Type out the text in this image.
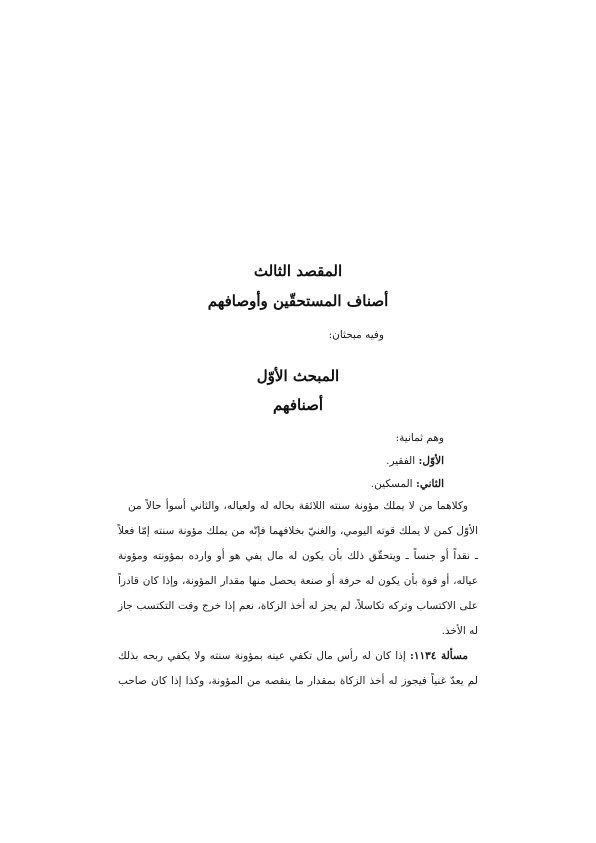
المقصد الثالث
أصناف المستحقّين وأوصافهم
وفيه مبحثان:
المبحث الأوّل
أصنافهم
وهم ثمانية:
الأوّل: الفقير.
الثاني: المسكين.
وكلاهما من لا يملك مؤونة سنته اللائقة بحاله له ولعياله، والثاني أسوأ حالاً من
الأوّل كمن لا يملك قوته اليومي، والغنيّ بخلافهما فإنّه من يملك مؤونة سنته إمّا فعلاً
ـ نقداً أو جنساً ـ ويتحقّق ذلك بأن يكون له مال يفي هو أو وارده بمؤونته ومؤونة
عياله، أو قوة بأن يكون له حرفة أو صنعة يحصل منها مقدار المؤونة، وإذا كان قادراً
على الاكتساب وتركه تكاسلاً، لم يجز له أخذ الزكاة، نعم إذا خرج وقت التكتسب جاز
له الأخذ.
مسألة ١١٣٤: إذا كان له رأس مال تكفي عينه بمؤونة سنته ولا يكفي ربحه بذلك
لم يعدّ غنياً فيجوز له أخذ الزكاة بمقدار ما ينقصه من المؤونة، وكذا إذا كان صاحب
